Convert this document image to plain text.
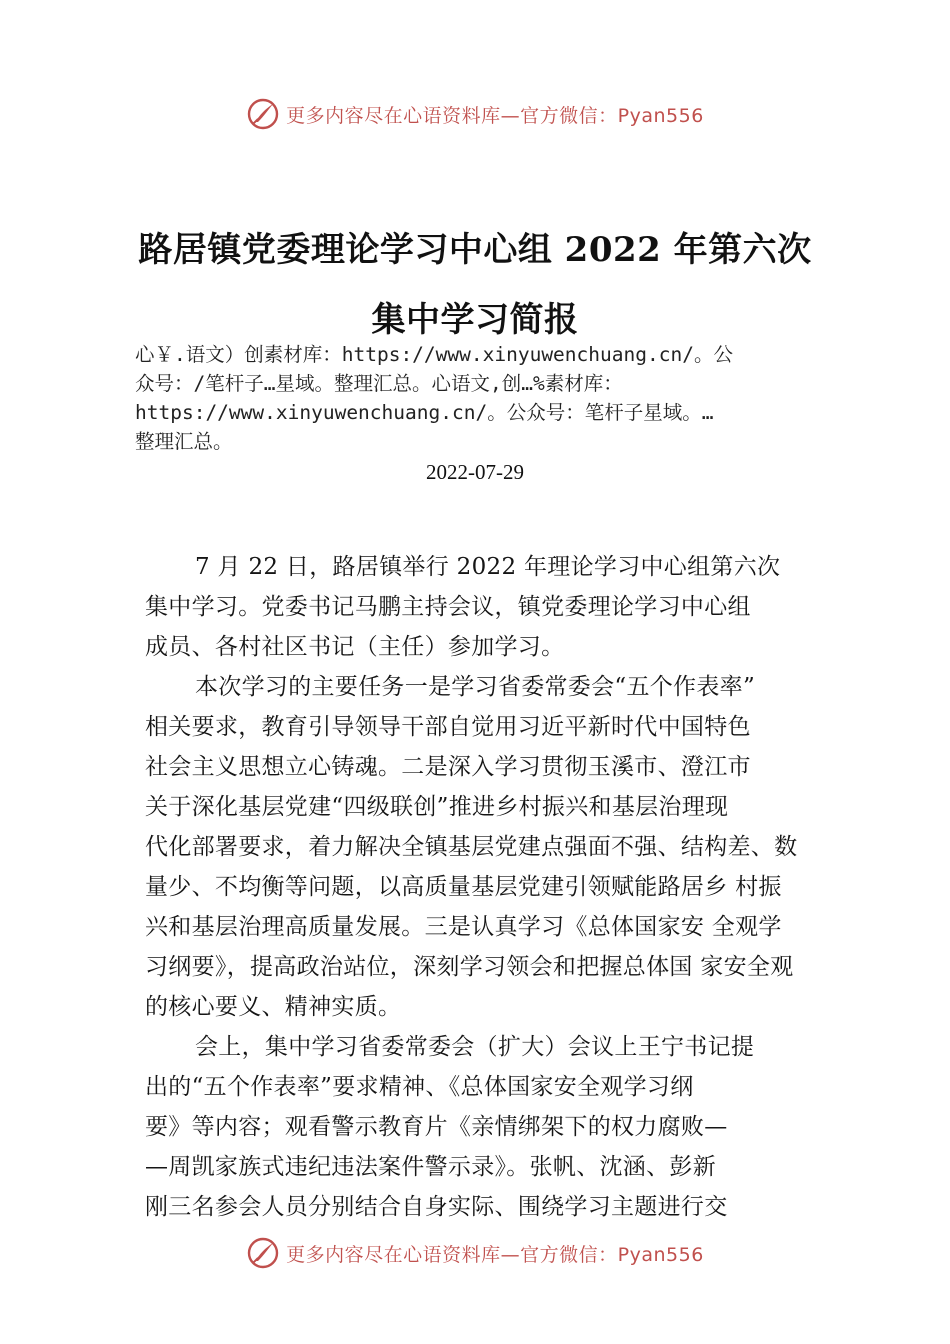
更多内容尽在心语资料库—官方微信：Pyan556
路居镇党委理论学习中心组 2022 年第六次
集中学习简报
心￥.语文）创素材库：https://www.xinyuwenchuang.cn/。公
众号：/笔杆子…星域。整理汇总。心语文,创…%素材库：
https://www.xinyuwenchuang.cn/。公众号：笔杆子星域。…
整理汇总。
2022-07-29
7 月 22 日，路居镇举行 2022 年理论学习中心组第六次
集中学习。党委书记马鹏主持会议，镇党委理论学习中心组
成员、各村社区书记（主任）参加学习。
本次学习的主要任务一是学习省委常委会“五个作表率”
相关要求，教育引导领导干部自觉用习近平新时代中国特色
社会主义思想立心铸魂。二是深入学习贯彻玉溪市、澄江市
关于深化基层党建“四级联创”推进乡村振兴和基层治理现
代化部署要求，着力解决全镇基层党建点强面不强、结构差、数
量少、不均衡等问题，以高质量基层党建引领赋能路居乡 村振
兴和基层治理高质量发展。三是认真学习《总体国家安 全观学
习纲要》，提高政治站位，深刻学习领会和把握总体国 家安全观
的核心要义、精神实质。
会上，集中学习省委常委会（扩大）会议上王宁书记提
出的“五个作表率”要求精神、《总体国家安全观学习纲
要》等内容；观看警示教育片《亲情绑架下的权力腐败—
—周凯家族式违纪违法案件警示录》。张帆、沈涵、彭新
刚三名参会人员分别结合自身实际、围绕学习主题进行交
更多内容尽在心语资料库—官方微信：Pyan556
